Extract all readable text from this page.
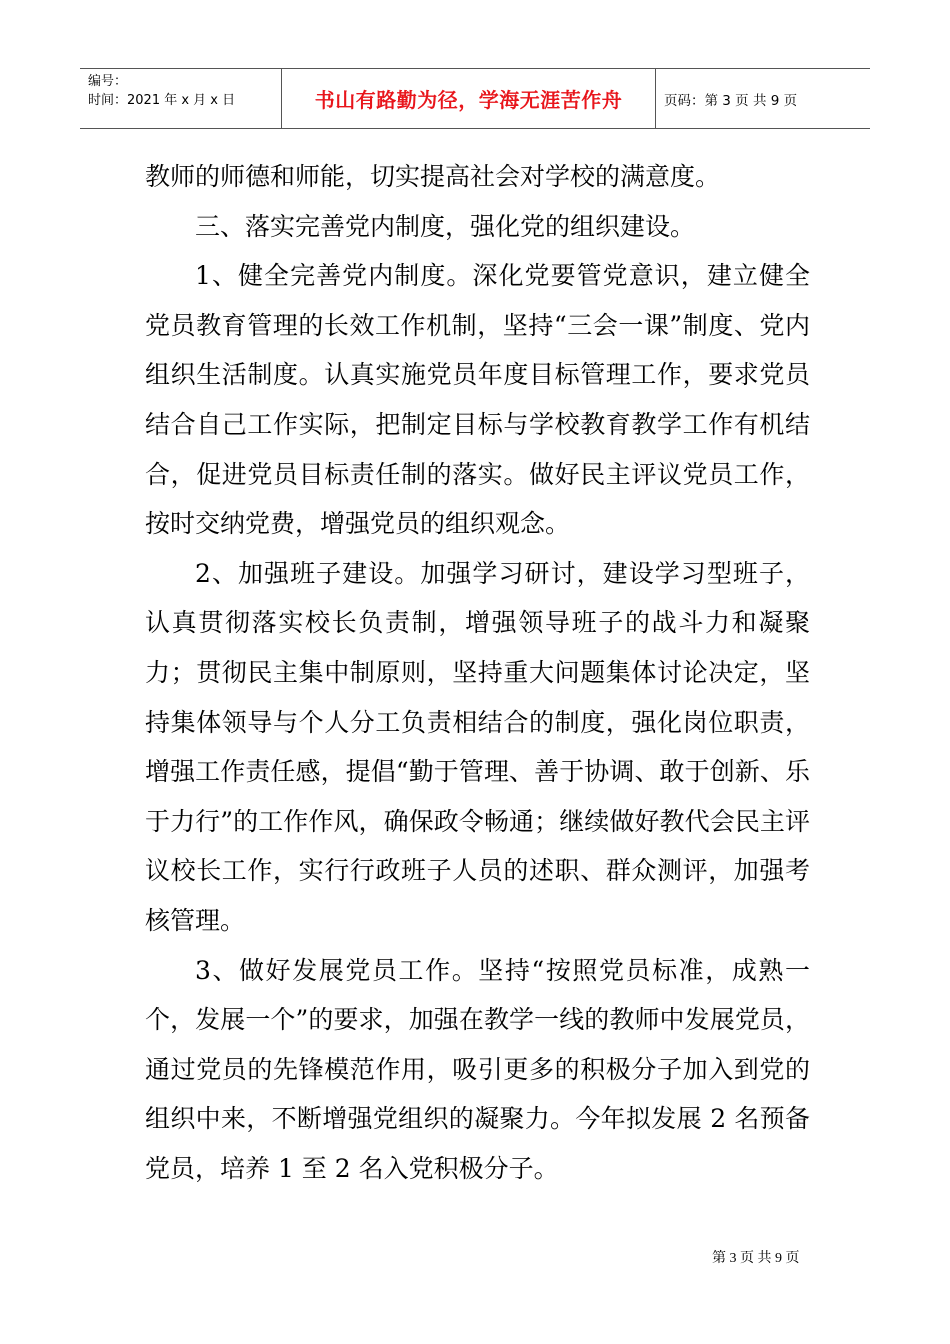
编号：
时间：2021 年 x 月 x 日	书山有路勤为径，学海无涯苦作舟	页码：第 3 页 共 9 页

教师的师德和师能，切实提高社会对学校的满意度。

三、落实完善党内制度，强化党的组织建设。

1、健全完善党内制度。深化党要管党意识，建立健全党员教育管理的长效工作机制，坚持“三会一课”制度、党内组织生活制度。认真实施党员年度目标管理工作，要求党员结合自己工作实际，把制定目标与学校教育教学工作有机结合，促进党员目标责任制的落实。做好民主评议党员工作，按时交纳党费，增强党员的组织观念。

2、加强班子建设。加强学习研讨，建设学习型班子，认真贯彻落实校长负责制，增强领导班子的战斗力和凝聚力；贯彻民主集中制原则，坚持重大问题集体讨论决定，坚持集体领导与个人分工负责相结合的制度，强化岗位职责，增强工作责任感，提倡“勤于管理、善于协调、敢于创新、乐于力行”的工作作风，确保政令畅通；继续做好教代会民主评议校长工作，实行行政班子人员的述职、群众测评，加强考核管理。

3、做好发展党员工作。坚持“按照党员标准，成熟一个，发展一个”的要求，加强在教学一线的教师中发展党员，通过党员的先锋模范作用，吸引更多的积极分子加入到党的组织中来，不断增强党组织的凝聚力。今年拟发展 2 名预备党员，培养 1 至 2 名入党积极分子。

第 3 页 共 9 页
